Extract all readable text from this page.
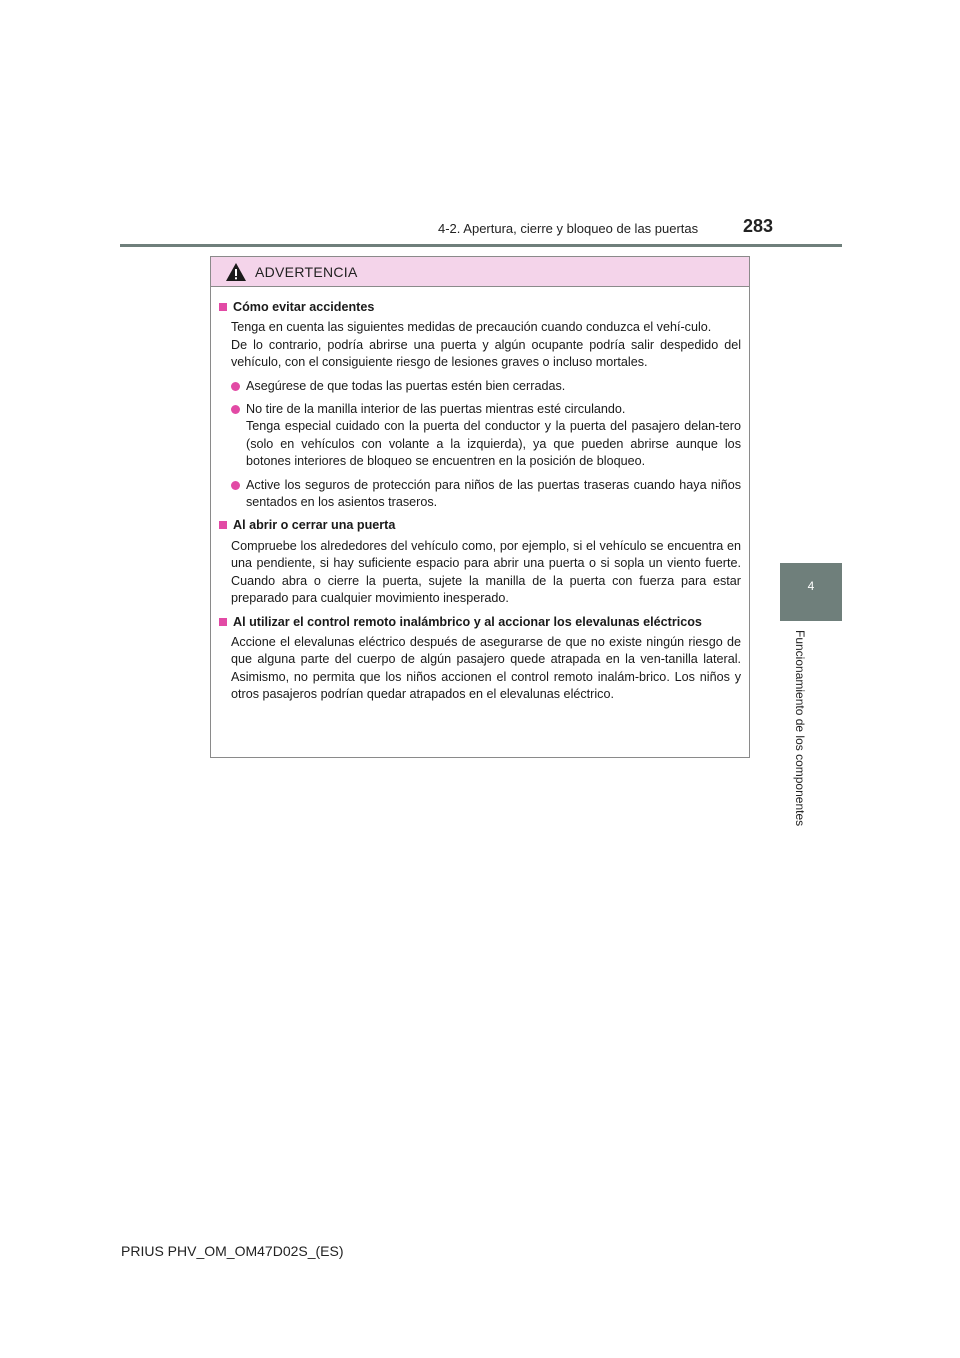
4-2. Apertura, cierre y bloqueo de las puertas 283
4
Funcionamiento de los componentes
ADVERTENCIA
Cómo evitar accidentes
Tenga en cuenta las siguientes medidas de precaución cuando conduzca el vehí-culo.
De lo contrario, podría abrirse una puerta y algún ocupante podría salir despedido del vehículo, con el consiguiente riesgo de lesiones graves o incluso mortales.
Asegúrese de que todas las puertas estén bien cerradas.
No tire de la manilla interior de las puertas mientras esté circulando.
Tenga especial cuidado con la puerta del conductor y la puerta del pasajero delan-tero (solo en vehículos con volante a la izquierda), ya que pueden abrirse aunque los botones interiores de bloqueo se encuentren en la posición de bloqueo.
Active los seguros de protección para niños de las puertas traseras cuando haya niños sentados en los asientos traseros.
Al abrir o cerrar una puerta
Compruebe los alrededores del vehículo como, por ejemplo, si el vehículo se encuentra en una pendiente, si hay suficiente espacio para abrir una puerta o si sopla un viento fuerte. Cuando abra o cierre la puerta, sujete la manilla de la puerta con fuerza para estar preparado para cualquier movimiento inesperado.
Al utilizar el control remoto inalámbrico y al accionar los elevalunas eléctricos
Accione el elevalunas eléctrico después de asegurarse de que no existe ningún riesgo de que alguna parte del cuerpo de algún pasajero quede atrapada en la ven-tanilla lateral. Asimismo, no permita que los niños accionen el control remoto inalám-brico. Los niños y otros pasajeros podrían quedar atrapados en el elevalunas eléctrico.
PRIUS PHV_OM_OM47D02S_(ES)
